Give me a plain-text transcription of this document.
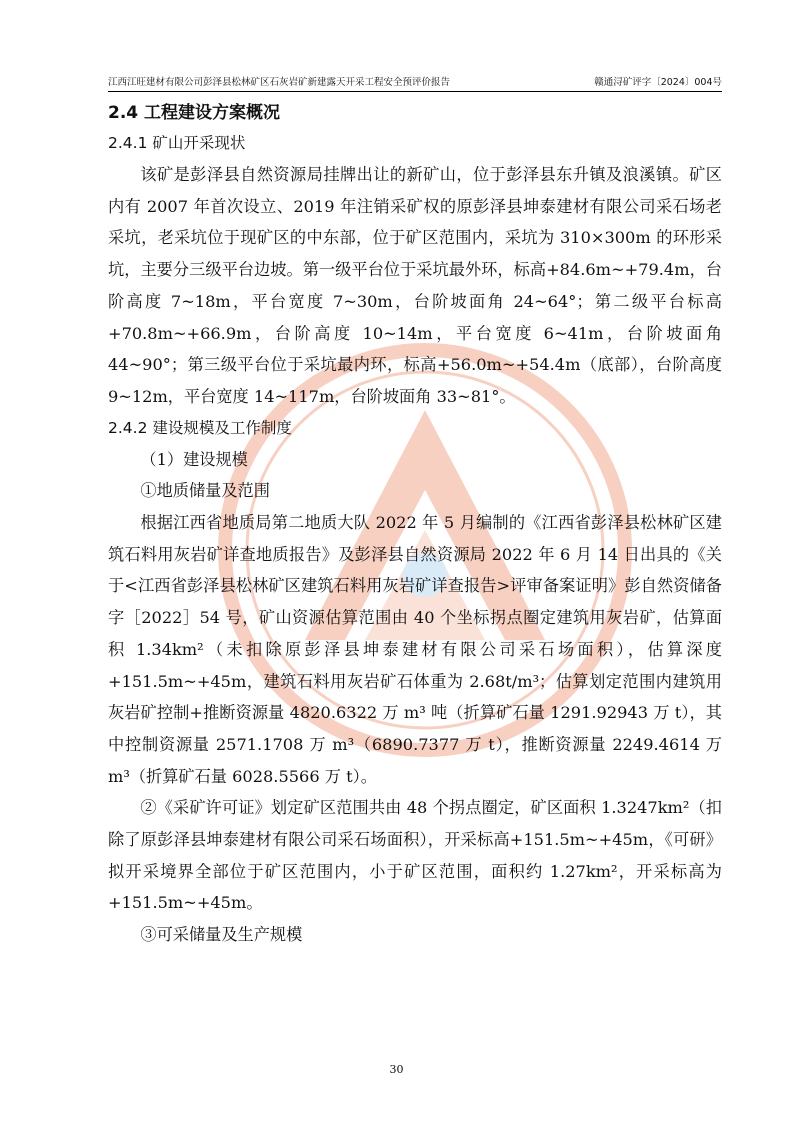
江西江旺建材有限公司彭泽县松林矿区石灰岩矿新建露天开采工程安全预评价报告	赣通浔矿评字〔2024〕004号

2.4 工程建设方案概况

2.4.1 矿山开采现状

该矿是彭泽县自然资源局挂牌出让的新矿山，位于彭泽县东升镇及浪溪镇。矿区内有 2007 年首次设立、2019 年注销采矿权的原彭泽县坤泰建材有限公司采石场老采坑，老采坑位于现矿区的中东部，位于矿区范围内，采坑为 310×300m 的环形采坑，主要分三级平台边坡。第一级平台位于采坑最外环，标高+84.6m~+79.4m，台阶高度 7~18m，平台宽度 7~30m，台阶坡面角 24~64°；第二级平台标高+70.8m~+66.9m，台阶高度 10~14m，平台宽度 6~41m，台阶坡面角 44~90°；第三级平台位于采坑最内环，标高+56.0m~+54.4m（底部），台阶高度 9~12m，平台宽度 14~117m，台阶坡面角 33~81°。

2.4.2 建设规模及工作制度

（1）建设规模

①地质储量及范围

根据江西省地质局第二地质大队 2022 年 5 月编制的《江西省彭泽县松林矿区建筑石料用灰岩矿详查地质报告》及彭泽县自然资源局 2022 年 6 月 14 日出具的《关于<江西省彭泽县松林矿区建筑石料用灰岩矿详查报告>评审备案证明》彭自然资储备字［2022］54 号，矿山资源估算范围由 40 个坐标拐点圈定建筑用灰岩矿，估算面积 1.34km²（未扣除原彭泽县坤泰建材有限公司采石场面积），估算深度+151.5m~+45m，建筑石料用灰岩矿石体重为 2.68t/m³；估算划定范围内建筑用灰岩矿控制+推断资源量 4820.6322 万 m³ 吨（折算矿石量 1291.92943 万 t），其中控制资源量 2571.1708 万 m³（6890.7377 万 t），推断资源量 2249.4614 万 m³（折算矿石量 6028.5566 万 t）。

②《采矿许可证》划定矿区范围共由 48 个拐点圈定，矿区面积 1.3247km²（扣除了原彭泽县坤泰建材有限公司采石场面积），开采标高+151.5m~+45m，《可研》拟开采境界全部位于矿区范围内，小于矿区范围，面积约 1.27km²，开采标高为+151.5m~+45m。

③可采储量及生产规模

30
